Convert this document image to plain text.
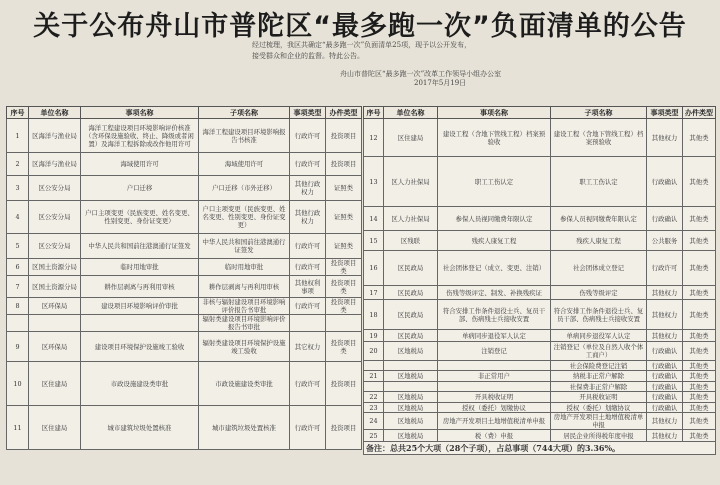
关于公布舟山市普陀区“最多跑一次”负面清单的公告
经过梳理，我区共确定“最多跑一次”负面清单25项，现予以公开发布，接受群众和企业的监督。特此公告。
舟山市普陀区“最多跑一次”改革工作领导小组办公室
2017年5月19日
序号	单位名称	事项名称	子项名称	事项类型	办件类型
1	区海洋与渔业局	海洋工程建设项目环境影响评价核准（含环保设施验收、终止、降级或者闲置）及海洋工程拆除或改作他用许可	海洋工程建设项目环境影响报告书核准	行政许可	投资项目
2	区海洋与渔业局	海域使用许可	海域使用许可	行政许可	投资项目
3	区公安分局	户口迁移	户口迁移（市外迁移）	其他行政权力	证照类
4	区公安分局	户口主项变更（民族变更、姓名变更、性别变更、身份证变更）	户口主项变更（民族变更、姓名变更、性别变更、身份证变更）	其他行政权力	证照类
5	区公安分局	中华人民共和国前往港澳通行证签发	中华人民共和国前往港澳通行证签发	行政许可	证照类
6	区国土资源分局	临时用地审批	临时用地审批	行政许可	投资项目类
7	区国土资源分局	耕作层剥离与再利用审核	耕作层剥离与再利用审核	其他权利事项	投资项目类
8	区环保局	建设项目环境影响评价审批	非核与辐射建设项目环境影响评价报告书审批	行政许可	投资项目类
			辐射类建设项目环境影响评价报告书审批		
9	区环保局	建设项目环境保护设施竣工验收	辐射类建设项目环境保护设施竣工验收	其它权力	投资项目类
10	区住建局	市政设施建设类审批	市政设施建设类审批	行政许可	投资项目
11	区住建局	城市建筑垃圾处置核准	城市建筑垃圾处置核准	行政许可	投资项目
序号	单位名称	事项名称	子项名称	事项类型	办件类型
12	区住建局	建设工程（含地下管线工程）档案预验收	建设工程（含地下管线工程）档案预验收	其他权力	其他类
13	区人力社保局	职工工伤认定	职工工伤认定	行政确认	其他类
14	区人力社保局	参保人员视同缴费年限认定	参保人员视同缴费年限认定	行政确认	其他类
15	区残联	残疾人康复工程	残疾人康复工程	公共服务	其他类
16	区民政局	社会团体登记（成立、变更、注销）	社会团体成立登记	行政许可	其他类
17	区民政局	伤残等级评定、制发、补换残疾证	伤残等级评定	其他权力	其他类
18	区民政局	符合安排工作条件退役士兵、复员干部、伤病残士兵接收安置	符合安排工作条件退役士兵、复员干部、伤病残士兵接收安置	其他权力	其他类
19	区民政局	单病同步退役军人认定	单病同步退役军人认定	其他权力	其他类
20	区地税局	注销登记	注销登记（单位及自然人收个体工商户）	行政确认	其他类
			社会保险费登记注销	行政确认	其他类
21	区地税局	非正常用户	纳税非正常户解除	行政确认	其他类
			社保费非正常户解除	行政确认	其他类
22	区地税局	开具税收证明	开具税收证明	行政确认	其他类
23	区地税局	授权（委托）划缴协议	授权（委托）划缴协议	行政确认	其他类
24	区地税局	房地产开发项目土地增值税清单申报	房地产开发项目土地增值税清单申报	其他权力	其他类
25	区地税局	税（费）申报	居民企业所得税年度申报	其他权力	其他类
备注：总共25个大项（28个子项），占总事项（744大项）的3.36%。					
